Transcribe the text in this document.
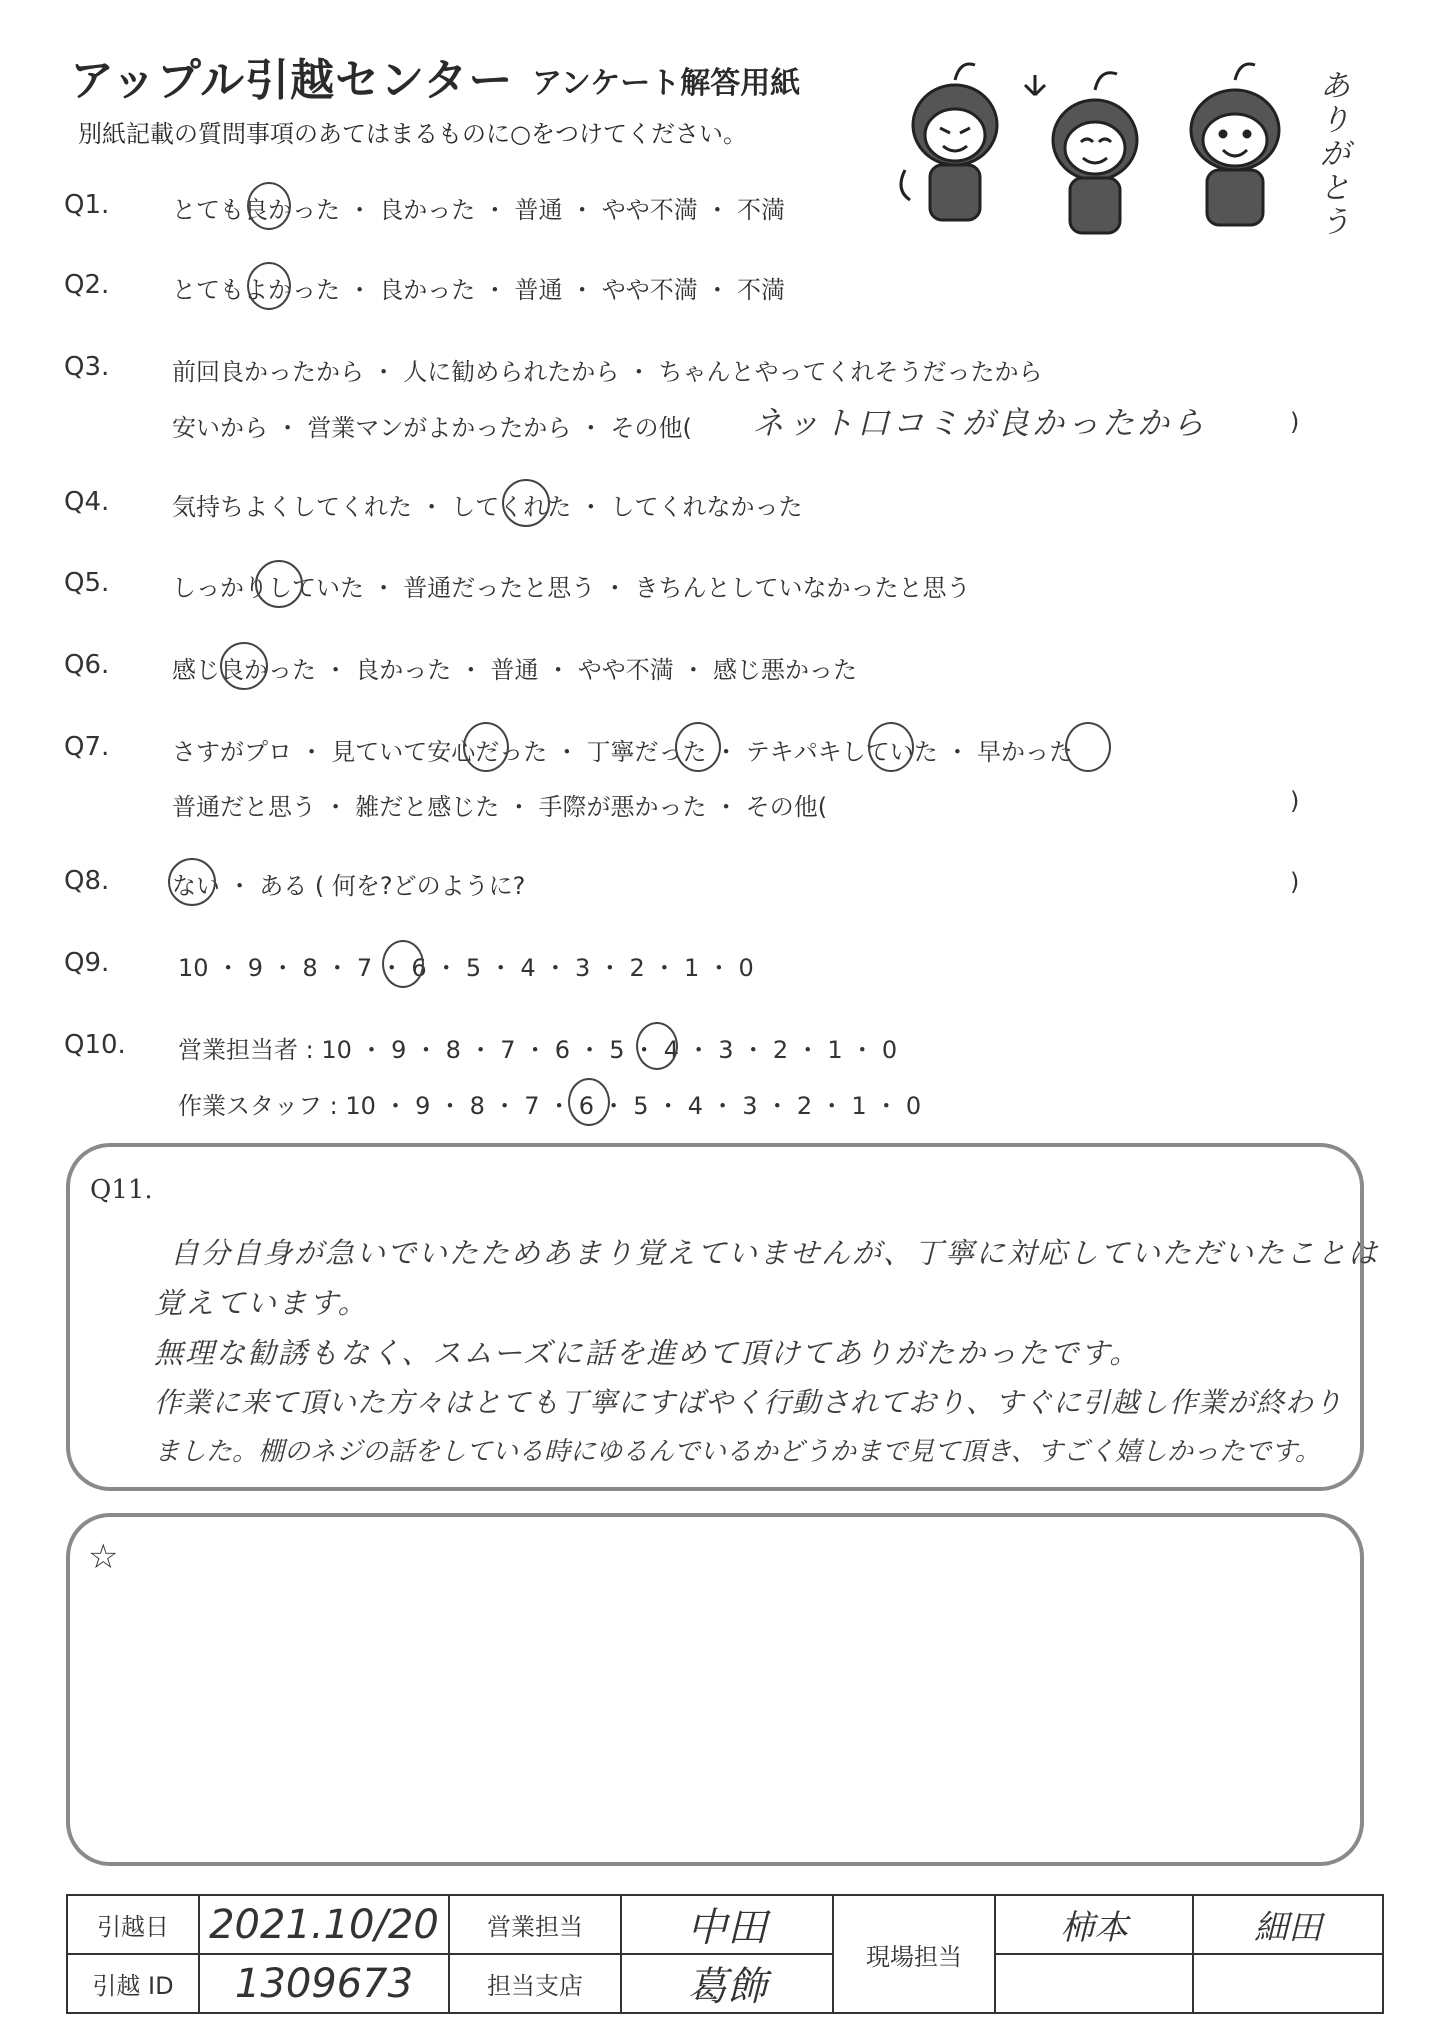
アップル引越センター アンケート解答用紙
別紙記載の質問事項のあてはまるものに○をつけてください。
ありがとう
Q1.	とても良かった ・ 良かった ・ 普通 ・ やや不満 ・ 不満
Q2.	とてもよかった ・ 良かった ・ 普通 ・ やや不満 ・ 不満
Q3.	前回良かったから ・ 人に勧められたから ・ ちゃんとやってくれそうだったから
安いから ・ 営業マンがよかったから ・ その他( ネット口コミが良かったから	)
Q4.	気持ちよくしてくれた ・ してくれた ・ してくれなかった
Q5.	しっかりしていた ・ 普通だったと思う ・ きちんとしていなかったと思う
Q6.	感じ良かった ・ 良かった ・ 普通 ・ やや不満 ・ 感じ悪かった
Q7.	さすがプロ ・ 見ていて安心だった ・ 丁寧だった ・ テキパキしていた ・ 早かった
普通だと思う ・ 雑だと感じた ・ 手際が悪かった ・ その他(	)
Q8.	ない ・ ある ( 何を?どのように?	)
Q9.	10 ・ 9 ・ 8 ・ 7 ・ 6 ・ 5 ・ 4 ・ 3 ・ 2 ・ 1 ・ 0
Q10. 営業担当者 : 10 ・ 9 ・ 8 ・ 7 ・ 6 ・ 5 ・ 4 ・ 3 ・ 2 ・ 1 ・ 0
作業スタッフ : 10 ・ 9 ・ 8 ・ 7 ・ 6 ・ 5 ・ 4 ・ 3 ・ 2 ・ 1 ・ 0
Q11.
自分自身が急いでいたためあまり覚えていませんが、丁寧に対応していただいたことは
覚えています。
無理な勧誘もなく、スムーズに話を進めて頂けてありがたかったです。
作業に来て頂いた方々はとても丁寧にすばやく行動されており、すぐに引越し作業が終わり
ました。棚のネジの話をしている時にゆるんでいるかどうかまで見て頂き、すごく嬉しかったです。
☆
引越日	2021.10/20	営業担当	中田	現場担当	柿本	細田
引越 ID	1309673	担当支店	葛飾			
